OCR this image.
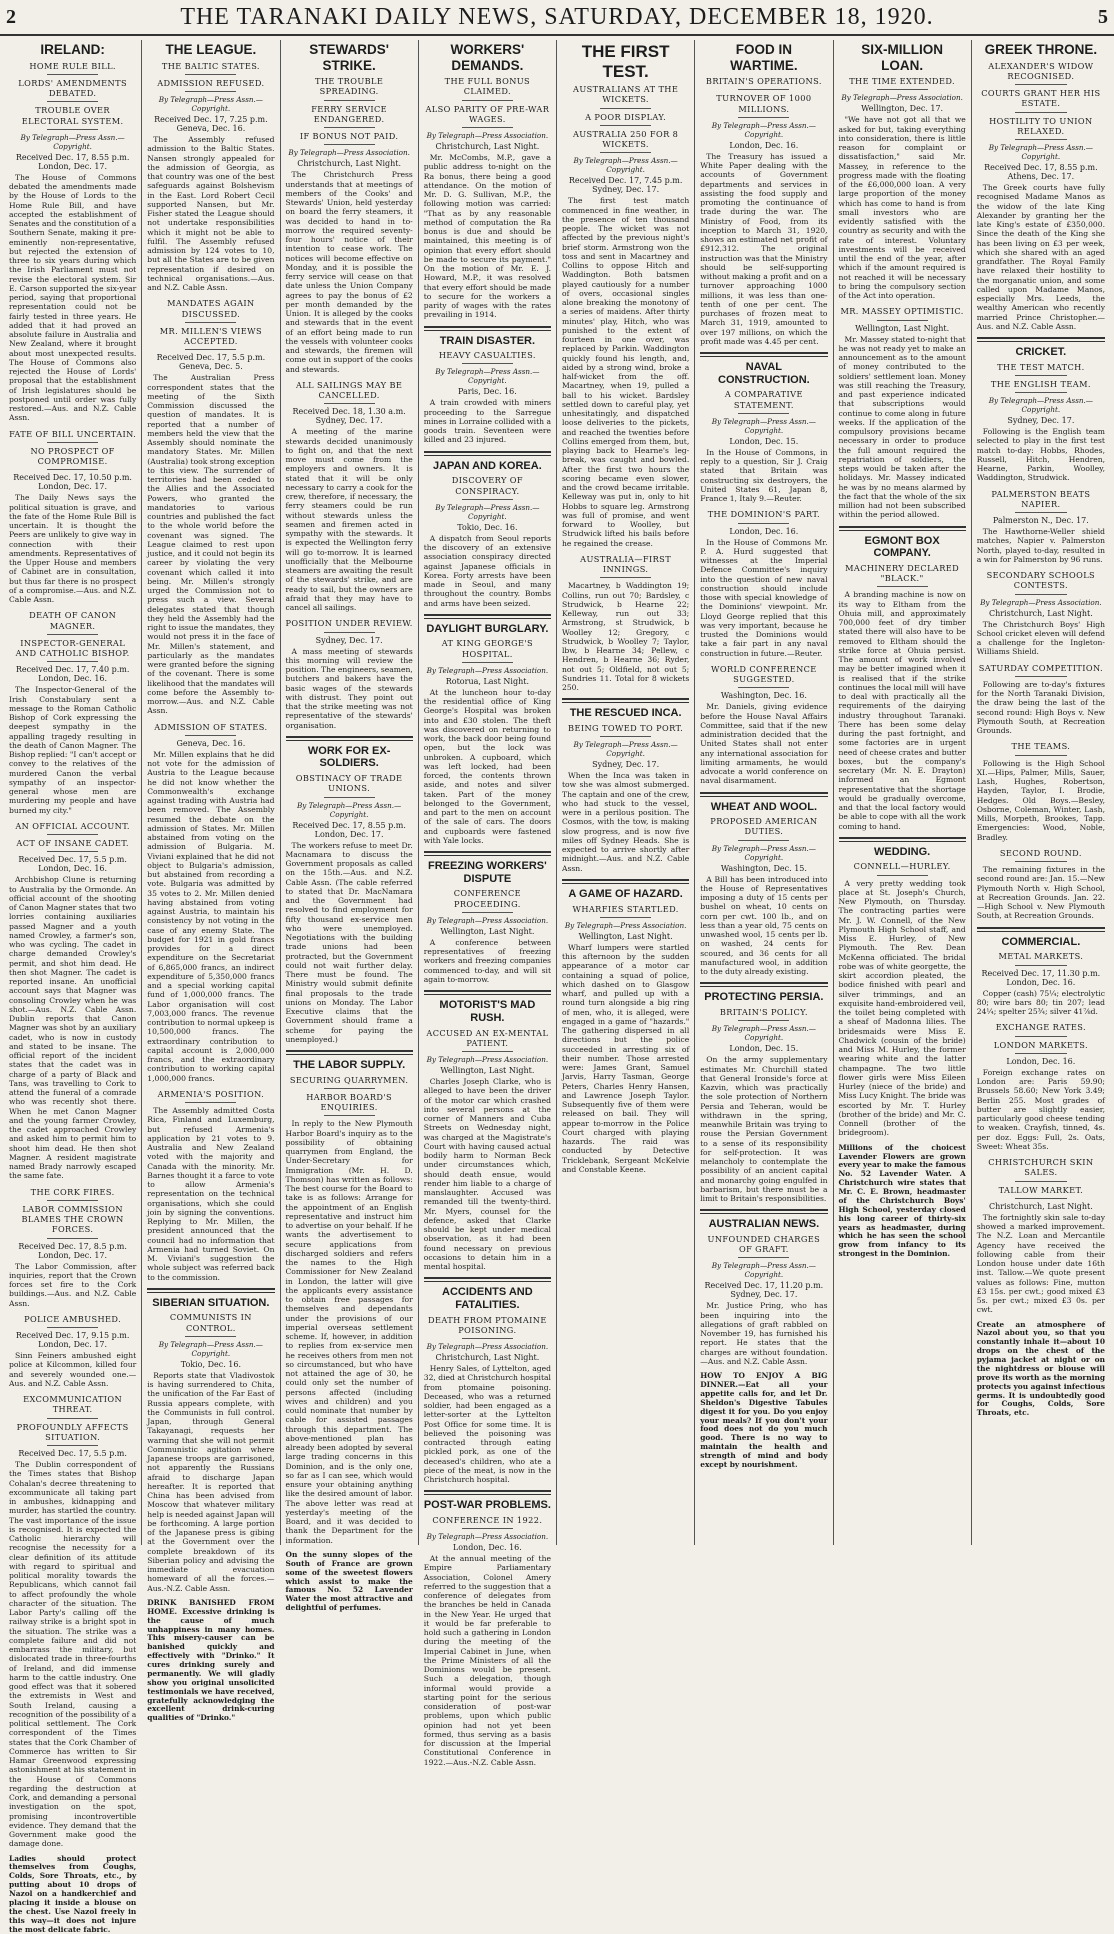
2	THE TARANAKI DAILY NEWS, SATURDAY, DECEMBER 18, 1920.	5
IRELAND:
HOME RULE BILL.
LORDS' AMENDMENTS DEBATED.
TROUBLE OVER ELECTORAL SYSTEM.
By Telegraph—Press Assn.—Copyright.
Received Dec. 17, 8.55 p.m. London, Dec. 17.

The House of Commons debated the amendments made by the House of Lords to the Home Rule Bill, and have accepted the establishment of Senates and the constitution of a Southern Senate, making it pre-eminently non-representative, but rejected the extension of three to six years during which the Irish Parliament must not revise the electoral system. Sir E. Carson supported the six-year period, saying that proportional representation could not be fairly tested in three years. He added that it had proved an absolute failure in Australia and New Zealand, where it brought about most unexpected results. The House of Commons also rejected the House of Lords' proposal that the establishment of Irish legislatures should be postponed until order was fully restored.—Aus. and N.Z. Cable Assn.

FATE OF BILL UNCERTAIN.
NO PROSPECT OF COMPROMISE.
Received Dec. 17, 10.50 p.m. London, Dec. 17.

The Daily News says the political situation is grave, and the fate of the Home Rule Bill is uncertain. It is thought the Peers are unlikely to give way in connection with their amendments. Representatives of the Upper House and members of Cabinet are in consultation, but thus far there is no prospect of a compromise.—Aus. and N.Z. Cable Assn.

DEATH OF CANON MAGNER.
INSPECTOR-GENERAL AND CATHOLIC BISHOP.
Received Dec. 17, 7.40 p.m. London, Dec. 16.

The Inspector-General of the Irish Constabulary sent a message to the Roman Catholic Bishop of Cork expressing the deepest sympathy in the appalling tragedy resulting in the death of Canon Magner. The Bishop replied: "I can't accept or convey to the relatives of the murdered Canon the verbal sympathy of an inspector-general whose men are murdering my people and have burned my city."

AN OFFICIAL ACCOUNT.
ACT OF INSANE CADET.
Received Dec. 17, 5.5 p.m. London, Dec. 16.

Archbishop Clune is returning to Australia by the Ormonde. An official account of the shooting of Canon Magner states that two lorries containing auxiliaries passed Magner and a youth named Crowley, a farmer's son, who was cycling. The cadet in charge demanded Crowley's permit, and shot him dead. He then shot Magner. The cadet is reported insane. An unofficial account says that Magner was consoling Crowley when he was shot.—Aus. N.Z. Cable Assn. Dublin reports that Canon Magner was shot by an auxiliary cadet, who is now in custody and stated to be insane. The official report of the incident states that the cadet was in charge of a party of Black and Tans, was travelling to Cork to attend the funeral of a comrade who was recently shot there. When he met Canon Magner and the young farmer Crowley, the cadet approached Crowley and asked him to permit him to shoot him dead. He then shot Magner. A resident magistrate named Brady narrowly escaped the same fate.

THE CORK FIRES.
LABOR COMMISSION BLAMES THE CROWN FORCES.
Received Dec. 17, 8.5 p.m. London, Dec. 17.

The Labor Commission, after inquiries, report that the Crown forces set fire to the Cork buildings.—Aus. and N.Z. Cable Assn.

POLICE AMBUSHED.
Received Dec. 17, 9.15 p.m. London, Dec. 17.

Sinn Feiners ambushed eight police at Kilcommon, killed four and severely wounded one.—Aus. and N.Z. Cable Assn.

EXCOMMUNICATION THREAT.
PROFOUNDLY AFFECTS SITUATION.
Received Dec. 17, 5.5 p.m.

The Dublin correspondent of the Times states that Bishop Cohalan's decree threatening to excommunicate all taking part in ambushes, kidnapping and murder, has startled the country. The vast importance of the issue is recognised. It is expected the Catholic hierarchy will recognise the necessity for a clear definition of its attitude with regard to spiritual and political morality towards the Republicans, which cannot fail to affect profoundly the whole character of the situation. The Labor Party's calling off the railway strike is a bright spot in the situation. The strike was a complete failure and did not embarrass the military, but dislocated trade in three-fourths of Ireland, and did immense harm to the cattle industry. One good effect was that it sobered the extremists in West and South Ireland, causing a recognition of the possibility of a political settlement. The Cork correspondent of the Times states that the Cork Chamber of Commerce has written to Sir Hamar Greenwood expressing astonishment at his statement in the House of Commons regarding the destruction at Cork, and demanding a personal investigation on the spot, promising incontrovertible evidence. They demand that the Government make good the damage done.

Ladies should protect themselves from Coughs, Colds, Sore Throats, etc., by putting about 10 drops of Nazol on a handkerchief and placing it inside a blouse on the chest. Use Nazol freely in this way—it does not injure the most delicate fabric.

THE LEAGUE.
THE BALTIC STATES.
ADMISSION REFUSED.
By Telegraph—Press Assn.—Copyright.
Received Dec. 17, 7.25 p.m. Geneva, Dec. 16.

The Assembly refused admission to the Baltic States. Nansen strongly appealed for the admission of Georgia, as that country was one of the best safeguards against Bolshevism in the East. Lord Robert Cecil supported Nansen, but Mr. Fisher stated the League should not undertake responsibilities which it might not be able to fulfil. The Assembly refused admission by 124 votes to 10, but all the States are to be given representation if desired on technical organisations.—Aus. and N.Z. Cable Assn.

MANDATES AGAIN DISCUSSED.
MR. MILLEN'S VIEWS ACCEPTED.
Received Dec. 17, 5.5 p.m. Geneva, Dec. 5.

The Australian Press correspondent states that the meeting of the Sixth Commission discussed the question of mandates. It is reported that a number of members held the view that the Assembly should nominate the mandatory States. Mr. Millen (Australia) took strong exception to this view. The surrender of territories had been ceded to the Allies and the Associated Powers, who granted the mandatories to various countries and published the fact to the whole world before the covenant was signed. The League claimed to rest upon justice, and it could not begin its career by violating the very covenant which called it into being. Mr. Millen's strongly urged the Commission not to press such a view. Several delegates stated that though they held the Assembly had the right to issue the mandates, they would not press it in the face of Mr. Millen's statement, and particularly as the mandates were granted before the signing of the covenant. There is some likelihood that the mandates will come before the Assembly to-morrow.—Aus. and N.Z. Cable Assn.

ADMISSION OF STATES.
Geneva, Dec. 16.

Mr. Millen explains that he did not vote for the admission of Austria to the League because he did not know whether the Commonwealth's exchange against trading with Austria had been removed. The Assembly resumed the debate on the admission of States. Mr. Millen abstained from voting on the admission of Bulgaria. M. Viviani explained that he did not object to Bulgaria's admission, but abstained from recording a vote. Bulgaria was admitted by 35 votes to 2. Mr. Millen denied having abstained from voting against Austria, to maintain his consistency by not voting in the case of any enemy State. The budget for 1921 in gold francs provides for a direct expenditure on the Secretariat of 6,865,000 francs, an indirect expenditure of 5,350,000 francs and a special working capital fund of 1,000,000 francs. The Labor organisation will cost 7,003,000 francs. The revenue contribution to normal upkeep is 10,500,000 francs. The extraordinary contribution to capital account is 2,000,000 francs, and the extraordinary contribution to working capital 1,000,000 francs.

ARMENIA'S POSITION.

The Assembly admitted Costa Rica, Finland and Luxemburg, but refused Armenia's application by 21 votes to 9. Australia and New Zealand voted with the majority and Canada with the minority. Mr. Barnes thought it a farce to vote to allow Armenia's representation on the technical organisations, which she could join by signing the conventions. Replying to Mr. Millen, the president announced that the council had no information that Armenia had turned Soviet. On M. Viviani's suggestion the whole subject was referred back to the commission.

SIBERIAN SITUATION.
COMMUNISTS IN CONTROL.
By Telegraph—Press Assn.—Copyright.
Tokio, Dec. 16.

Reports state that Vladivostok is having surrendered to Chita, the unification of the Far East of Russia appears complete, with the Communists in full control. Japan, through General Takayanagi, requests her warning that she will not permit Communistic agitation where Japanese troops are garrisoned, not apparently the Russians afraid to discharge Japan hereafter. It is reported that China has been advised from Moscow that whatever military help is needed against Japan will be forthcoming. A large portion of the Japanese press is gibing at the Government over the complete breakdown of its Siberian policy and advising the immediate evacuation homeward of all the forces.—Aus.-N.Z. Cable Assn.

DRINK BANISHED FROM HOME. Excessive drinking is the cause of much unhappiness in many homes. This misery-causer can be banished quickly and effectively with "Drinko." It cures drinking surely and permanently. We will gladly show you original unsolicited testimonials we have received, gratefully acknowledging the excellent drink-curing qualities of "Drinko."

STEWARDS' STRIKE.
THE TROUBLE SPREADING.
FERRY SERVICE ENDANGERED.
IF BONUS NOT PAID.
By Telegraph—Press Association.
Christchurch, Last Night.

The Christchurch Press understands that at meetings of members of the Cooks' and Stewards' Union, held yesterday on board the ferry steamers, it was decided to hand in to-morrow the required seventy-four hours' notice of their intention to cease work. The notices will become effective on Monday, and it is possible the ferry service will cease on that date unless the Union Company agrees to pay the bonus of £2 per month demanded by the Union. It is alleged by the cooks and stewards that in the event of an effort being made to run the vessels with volunteer cooks and stewards, the firemen will come out in support of the cooks and stewards.

ALL SAILINGS MAY BE CANCELLED.
Received Dec. 18, 1.30 a.m. Sydney, Dec. 17.

A meeting of the marine stewards decided unanimously to fight on, and that the next move must come from the employers and owners. It is stated that it will be only necessary to carry a cook for the crew, therefore, if necessary, the ferry steamers could be run without stewards unless the seamen and firemen acted in sympathy with the stewards. It is expected the Wellington ferry will go to-morrow. It is learned unofficially that the Melbourne steamers are awaiting the result of the stewards' strike, and are ready to sail, but the owners are afraid that they may have to cancel all sailings.

POSITION UNDER REVIEW.
Sydney, Dec. 17.

A mass meeting of stewards this morning will review the position. The engineers, seamen, butchers and bakers have the basic wages of the stewards with distrust. They point out that the strike meeting was not representative of the stewards' organisation.

WORK FOR EX-SOLDIERS.
OBSTINACY OF TRADE UNIONS.
By Telegraph—Press Assn.—Copyright.
Received Dec. 17, 8.55 p.m. London, Dec. 17.

The workers refuse to meet Dr. Macnamara to discuss the Government proposals as called on the 15th.—Aus. and N.Z. Cable Assn. (The cable referred to stated that Dr. MacNamara and the Government had resolved to find employment for fifty thousand ex-service men who were unemployed. Negotiations with the building trade unions had been protracted, but the Government could not wait further delay. There must be found. The Ministry would submit definite final proposals to the trade unions on Monday. The Labor Executive claims that the Government should frame a scheme for paying the unemployed.)

THE LABOR SUPPLY.
SECURING QUARRYMEN.
HARBOR BOARD'S ENQUIRIES.

In reply to the New Plymouth Harbor Board's inquiry as to the possibility of obtaining quarrymen from England, the Under-Secretary for Immigration (Mr. H. D. Thomson) has written as follows: The best course for the Board to take is as follows: Arrange for the appointment of an English representative and instruct him to advertise on your behalf. If he wants the advertisement to secure applications from discharged soldiers and refers the names to the High Commissioner for New Zealand in London, the latter will give the applicants every assistance to obtain free passages for themselves and dependants under the provisions of our imperial overseas settlement scheme. If, however, in addition to replies from ex-service men he receives others from men not so circumstanced, but who have not attained the age of 30, he could only set the number of persons affected (including wives and children) and you could nominate that number by cable for assisted passages through this department. The above-mentioned plan has already been adopted by several large trading concerns in this Dominion, and is the only one, so far as I can see, which would ensure your obtaining anything like the desired amount of labor. The above letter was read at yesterday's meeting of the Board, and it was decided to thank the Department for the information.

On the sunny slopes of the South of France are grown some of the sweetest flowers which assist to make the famous No. 52 Lavender Water the most attractive and delightful of perfumes.

WORKERS' DEMANDS.
THE FULL BONUS CLAIMED.
ALSO PARITY OF PRE-WAR WAGES.
By Telegraph—Press Association.
Christchurch, Last Night.

Mr. McCombs, M.P., gave a public address to-night on the Ra bonus, there being a good attendance. On the motion of Mr. D. G. Sullivan, M.P., the following motion was carried: "That as by any reasonable method of computation the Ra bonus is due and should be maintained, this meeting is of opinion that every effort should be made to secure its payment." On the motion of Mr. E. J. Howard, M.P., it was resolved that every effort should be made to secure for the workers a parity of wages with the rates prevailing in 1914.

TRAIN DISASTER.
HEAVY CASUALTIES.
By Telegraph—Press Assn.—Copyright.
Paris, Dec. 16.

A train crowded with miners proceeding to the Sarregue mines in Lorraine collided with a goods train. Seventeen were killed and 23 injured.

JAPAN AND KOREA.
DISCOVERY OF CONSPIRACY.
By Telegraph—Press Assn.—Copyright.
Tokio, Dec. 16.

A dispatch from Seoul reports the discovery of an extensive association conspiracy directed against Japanese officials in Korea. Forty arrests have been made in Seoul, and many throughout the country. Bombs and arms have been seized.

DAYLIGHT BURGLARY.
AT KING GEORGE'S HOSPITAL.
By Telegraph—Press Association.
Rotorua, Last Night.

At the luncheon hour to-day the residential office of King George's Hospital was broken into and £30 stolen. The theft was discovered on returning to work, the back door being found open, but the lock was unbroken. A cupboard, which was left locked, had been forced, the contents thrown aside, and notes and silver taken. Part of the money belonged to the Government, and part to the men on account of the sale of cars. The doors and cupboards were fastened with Yale locks.

FREEZING WORKERS' DISPUTE
CONFERENCE PROCEEDING.
By Telegraph—Press Association.
Wellington, Last Night.

A conference between representatives of freezing workers and freezing companies commenced to-day, and will sit again to-morrow.

MOTORIST'S MAD RUSH.
ACCUSED AN EX-MENTAL PATIENT.
By Telegraph—Press Association.
Wellington, Last Night.

Charles Joseph Clarke, who is alleged to have been the driver of the motor car which crashed into several persons at the corner of Manners and Cuba Streets on Wednesday night, was charged at the Magistrate's Court with having caused actual bodily harm to Norman Beck under circumstances which, should death ensue, would render him liable to a charge of manslaughter. Accused was remanded till the twenty-third. Mr. Myers, counsel for the defence, asked that Clarke should be kept under medical observation, as it had been found necessary on previous occasions to detain him in a mental hospital.

ACCIDENTS AND FATALITIES.
DEATH FROM PTOMAINE POISONING.
By Telegraph—Press Association.
Christchurch, Last Night.

Henry Sales, of Lyttelton, aged 32, died at Christchurch hospital from ptomaine poisoning. Deceased, who was a returned soldier, had been engaged as a letter-sorter at the Lyttelton Post Office for some time. It is believed the poisoning was contracted through eating pickled pork, as one of the deceased's children, who ate a piece of the meat, is now in the Christchurch hospital.

POST-WAR PROBLEMS.
CONFERENCE IN 1922.
By Telegraph—Press Association.
London, Dec. 16.

At the annual meeting of the Empire Parliamentary Association, Colonel Amery referred to the suggestion that a conference of delegates from the branches be held in Canada in the New Year. He urged that it would be far preferable to hold such a gathering in London during the meeting of the Imperial Cabinet in June, when the Prime Ministers of all the Dominions would be present. Such a delegation, though informal would provide a starting point for the serious consideration of post-war problems, upon which public opinion had not yet been formed, thus serving as a basis for discussion at the Imperial Constitutional Conference in 1922.—Aus.-N.Z. Cable Assn.

THE FIRST TEST.
AUSTRALIANS AT THE WICKETS.
A POOR DISPLAY.
AUSTRALIA 250 FOR 8 WICKETS.
By Telegraph—Press Assn.—Copyright.
Received Dec. 17, 7.45 p.m. Sydney, Dec. 17.

The first test match commenced in fine weather, in the presence of ten thousand people. The wicket was not affected by the previous night's brief storm. Armstrong won the toss and sent in Macartney and Collins to oppose Hitch and Waddington. Both batsmen played cautiously for a number of overs, occasional singles alone breaking the monotony of a series of maidens. After thirty minutes' play, Hitch, who was punished to the extent of fourteen in one over, was replaced by Parkin. Waddington quickly found his length, and, aided by a strong wind, broke a half-wicket from the off. Macartney, when 19, pulled a ball to his wicket. Bardsley settled down to careful play, yet unhesitatingly, and dispatched loose deliveries to the pickets, and reached the twenties before Collins emerged from them, but, playing back to Hearne's leg-break, was caught and bowled. After the first two hours the scoring became even slower, and the crowd became irritable. Kelleway was put in, only to hit Hobbs to square leg. Armstrong was full of promise, and went forward to Woolley, but Strudwick lifted his bails before he regained the crease.

AUSTRALIA—FIRST INNINGS.

Macartney, b Waddington 19; Collins, run out 70; Bardsley, c Strudwick, b Hearne 22; Kelleway, run out 33; Armstrong, st Strudwick, b Woolley 12; Gregory, c Strudwick, b Woolley 7; Taylor, lbw, b Hearne 34; Pellew, c Hendren, b Hearne 36; Ryder, not out 5; Oldfield, not out 5; Sundries 11. Total for 8 wickets 250.

THE RESCUED INCA.
BEING TOWED TO PORT.
By Telegraph—Press Assn.—Copyright.
Sydney, Dec. 17.

When the Inca was taken in tow she was almost submerged. The captain and one of the crew, who had stuck to the vessel, were in a perilous position. The Cosmos, with the tow, is making slow progress, and is now five miles off Sydney Heads. She is expected to arrive shortly after midnight.—Aus. and N.Z. Cable Assn.

A GAME OF HAZARD.
WHARFIES STARTLED.
By Telegraph—Press Association.
Wellington, Last Night.

Wharf lumpers were startled this afternoon by the sudden appearance of a motor car containing a squad of police, which dashed on to Glasgow wharf, and pulled up with a round turn alongside a big ring of men, who, it is alleged, were engaged in a game of "hazards." The gathering dispersed in all directions but the police succeeded in arresting six of their number. Those arrested were: James Grant, Samuel Jarvis, Harry Tasman, George Peters, Charles Henry Hansen, and Lawrence Joseph Taylor. Subsequently five of them were released on bail. They will appear to-morrow in the Police Court charged with playing hazards. The raid was conducted by Detective Tricklebank, Sergeant McKelvie and Constable Keene.

FOOD IN WARTIME.
BRITAIN'S OPERATIONS.
TURNOVER OF 1000 MILLIONS.
By Telegraph—Press Assn.—Copyright.
London, Dec. 16.

The Treasury has issued a White Paper dealing with the accounts of Government departments and services in assisting the food supply and promoting the continuance of trade during the war. The Ministry of Food, from its inception to March 31, 1920, shows an estimated net profit of £912,312. The original instruction was that the Ministry should be self-supporting without making a profit and on a turnover approaching 1000 millions, it was less than one-tenth of one per cent. The purchases of frozen meat to March 31, 1919, amounted to over 197 millions, on which the profit made was 4.45 per cent.

NAVAL CONSTRUCTION.
A COMPARATIVE STATEMENT.
By Telegraph—Press Assn.—Copyright.
London, Dec. 15.

In the House of Commons, in reply to a question, Sir J. Craig stated that Britain was constructing six destroyers, the United States 61, Japan 8, France 1, Italy 9.—Reuter.

THE DOMINION'S PART.
London, Dec. 16.

In the House of Commons Mr. P. A. Hurd suggested that witnesses at the Imperial Defence Committee's inquiry into the question of new naval construction should include those with special knowledge of the Dominions' viewpoint. Mr. Lloyd George replied that this was very important, because he trusted the Dominions would take a fair part in any naval construction in future.—Reuter.

WORLD CONFERENCE SUGGESTED.
Washington, Dec. 16.

Mr. Daniels, giving evidence before the House Naval Affairs Committee, said that if the new administration decided that the United States shall not enter any international association for limiting armaments, he would advocate a world conference on naval disarmament.

WHEAT AND WOOL.
PROPOSED AMERICAN DUTIES.
By Telegraph—Press Assn.—Copyright.
Washington, Dec. 15.

A Bill has been introduced into the House of Representatives imposing a duty of 15 cents per bushel on wheat, 10 cents on corn per cwt. 100 lb., and on less than a year old, 75 cents on unwashed wool, 15 cents per lb. on washed, 24 cents for scoured, and 36 cents for all manufactured wool, in addition to the duty already existing.

PROTECTING PERSIA.
BRITAIN'S POLICY.
By Telegraph—Press Assn.—Copyright.
London, Dec. 15.

On the army supplementary estimates Mr. Churchill stated that General Ironside's force at Kazvin, which was practically the sole protection of Northern Persia and Teheran, would be withdrawn in the spring, meanwhile Britain was trying to rouse the Persian Government to a sense of its responsibility for self-protection. It was melancholy to contemplate the possibility of an ancient capital and monarchy going engulfed in barbarism, but there must be a limit to Britain's responsibilities.

AUSTRALIAN NEWS.
UNFOUNDED CHARGES OF GRAFT.
By Telegraph—Press Assn.—Copyright.
Received Dec. 17, 11.20 p.m. Sydney, Dec. 17.

Mr. Justice Pring, who has been inquiring into the allegations of graft rabbled on November 19, has furnished his report. He states that the charges are without foundation.—Aus. and N.Z. Cable Assn.

HOW TO ENJOY A BIG DINNER.—Eat all your appetite calls for, and let Dr. Sheldon's Digestive Tabules digest it for you. Do you enjoy your meals? If you don't your food does not do you much good. There is no way to maintain the health and strength of mind and body except by nourishment.

SIX-MILLION LOAN.
THE TIME EXTENDED.
By Telegraph—Press Association.
Wellington, Dec. 17.

"We have not got all that we asked for but, taking everything into consideration, there is little reason for complaint or dissatisfaction," said Mr. Massey, in reference to the progress made with the floating of the £6,000,000 loan. A very large proportion of the money which has come to hand is from small investors who are evidently satisfied with the country as security and with the rate of interest. Voluntary investments will be received until the end of the year, after which if the amount required is not reached it will be necessary to bring the compulsory section of the Act into operation.

MR. MASSEY OPTIMISTIC.
Wellington, Last Night.

Mr. Massey stated to-night that he was not ready yet to make an announcement as to the amount of money contributed to the soldiers' settlement loan. Money was still reaching the Treasury, and past experience indicated that subscriptions would continue to come along in future weeks. If the application of the compulsory provisions became necessary in order to produce the full amount required the repatriation of soldiers, the steps would be taken after the holidays. Mr. Massey indicated he was by no means alarmed by the fact that the whole of the six million had not been subscribed within the period allowed.

EGMONT BOX COMPANY.
MACHINERY DECLARED "BLACK."

A branding machine is now on its way to Eltham from the Ohuia mill, and approximately 700,000 feet of dry timber stated there will also have to be removed to Eltham should the strike force at Ohuia persist. The amount of work involved may be better imagined when it is realised that if the strike continues the local mill will have to deal with practically all the requirements of the dairying industry throughout Taranaki. There has been some delay during the past fortnight, and some factories are in urgent need of cheese crates and butter boxes, but the company's secretary (Mr. N. E. Drayton) informed an Egmont representative that the shortage would be gradually overcome, and that the local factory would be able to cope with all the work coming to hand.

WEDDING.
CONNELL—HURLEY.

A very pretty wedding took place at St. Joseph's Church, New Plymouth, on Thursday. The contracting parties were Mr. J. W. Connell, of the New Plymouth High School staff, and Miss E. Hurley, of New Plymouth. The Rev. Dean McKenna officiated. The bridal robe was of white georgette, the skirt accordion pleated, the bodice finished with pearl and silver trimmings, and an exquisite hand-embroidered veil, the toilet being completed with a sheaf of Madonna lilies. The bridesmaids were Miss E. Chadwick (cousin of the bride) and Miss M. Hurley, the former wearing white and the latter champagne. The two little flower girls were Miss Eileen Hurley (niece of the bride) and Miss Lucy Knight. The bride was escorted by Mr. T. Hurley (brother of the bride) and Mr. C. Connell (brother of the bridegroom).

Millions of the choicest Lavender Flowers are grown every year to make the famous No. 52 Lavender Water. A Christchurch wire states that Mr. C. E. Brown, headmaster of the Christchurch Boys' High School, yesterday closed his long career of thirty-six years as headmaster, during which he has seen the school grow from infancy to its strongest in the Dominion.

GREEK THRONE.
ALEXANDER'S WIDOW RECOGNISED.
COURTS GRANT HER HIS ESTATE.
HOSTILITY TO UNION RELAXED.
By Telegraph—Press Assn.—Copyright.
Received Dec. 17, 8.55 p.m. Athens, Dec. 17.

The Greek courts have fully recognised Madame Manos as the widow of the late King Alexander by granting her the late King's estate of £350,000. Since the death of the King she has been living on £3 per week, which she shared with an aged grandfather. The Royal Family have relaxed their hostility to the morganatic union, and some called upon Madame Manos, especially Mrs. Leeds, the wealthy American who recently married Prince Christopher.—Aus. and N.Z. Cable Assn.

CRICKET.
THE TEST MATCH.
THE ENGLISH TEAM.
By Telegraph—Press Assn.—Copyright.
Sydney, Dec. 17.

Following is the English team selected to play in the first test match to-day: Hobbs, Rhodes, Russell, Hitch, Hendren, Hearne, Parkin, Woolley, Waddington, Strudwick.

PALMERSTON BEATS NAPIER.
Palmerston N., Dec. 17.

The Hawthorne-Weller shield matches, Napier v. Palmerston North, played to-day, resulted in a win for Palmerston by 96 runs.

SECONDARY SCHOOLS CONTESTS.
By Telegraph—Press Association.
Christchurch, Last Night.

The Christchurch Boys' High School cricket eleven will defend a challenge for the Ingleton-Williams Shield.

SATURDAY COMPETITION.

Following are to-day's fixtures for the North Taranaki Division, the draw being the last of the second round: High Boys v. New Plymouth South, at Recreation Grounds.

THE TEAMS.

Following is the High School XI.—Hips, Palmer, Mills, Sauer, Lash, Hughes, Robertson, Hayden, Taylor, I. Brodie, Hedges. Old Boys.—Besley, Osborne, Coleman, Winter, Lash, Mills, Morpeth, Brookes, Tapp. Emergencies: Wood, Noble, Bradley.

SECOND ROUND.

The remaining fixtures in the second round are: Jan. 15.—New Plymouth North v. High School, at Recreation Grounds. Jan. 22.—High School v. New Plymouth South, at Recreation Grounds.

COMMERCIAL.
METAL MARKETS.
Received Dec. 17, 11.30 p.m. London, Dec. 16.

Copper (cash) 75¼; electrolytic 80; wire bars 80; tin 207; lead 24¼; spelter 25¾; silver 41⅞d.

EXCHANGE RATES.
LONDON MARKETS.
London, Dec. 16.

Foreign exchange rates on London are: Paris 59.90; Brussels 58.60; New York 3.49; Berlin 255. Most grades of butter are slightly easier, particularly good cheese tending to weaken. Crayfish, tinned, 4s. per doz. Eggs: Full, 2s. Oats, Sweet: Wheat 35s.

CHRISTCHURCH SKIN SALES.
TALLOW MARKET.
Christchurch, Last Night.

The fortnightly skin sale to-day showed a marked improvement. The N.Z. Loan and Mercantile Agency have received the following cable from their London house under date 16th inst. Tallow.—We quote present values as follows: Fine, mutton £3 15s. per cwt.; good mixed £3 5s. per cwt.; mixed £3 0s. per cwt.

Create an atmosphere of Nazol about you, so that you constantly inhale it—about 10 drops on the chest of the pyjama jacket at night or on the nightdress or blouse will prove its worth as the morning protects you against infectious germs. It is undoubtedly good for Coughs, Colds, Sore Throats, etc.
